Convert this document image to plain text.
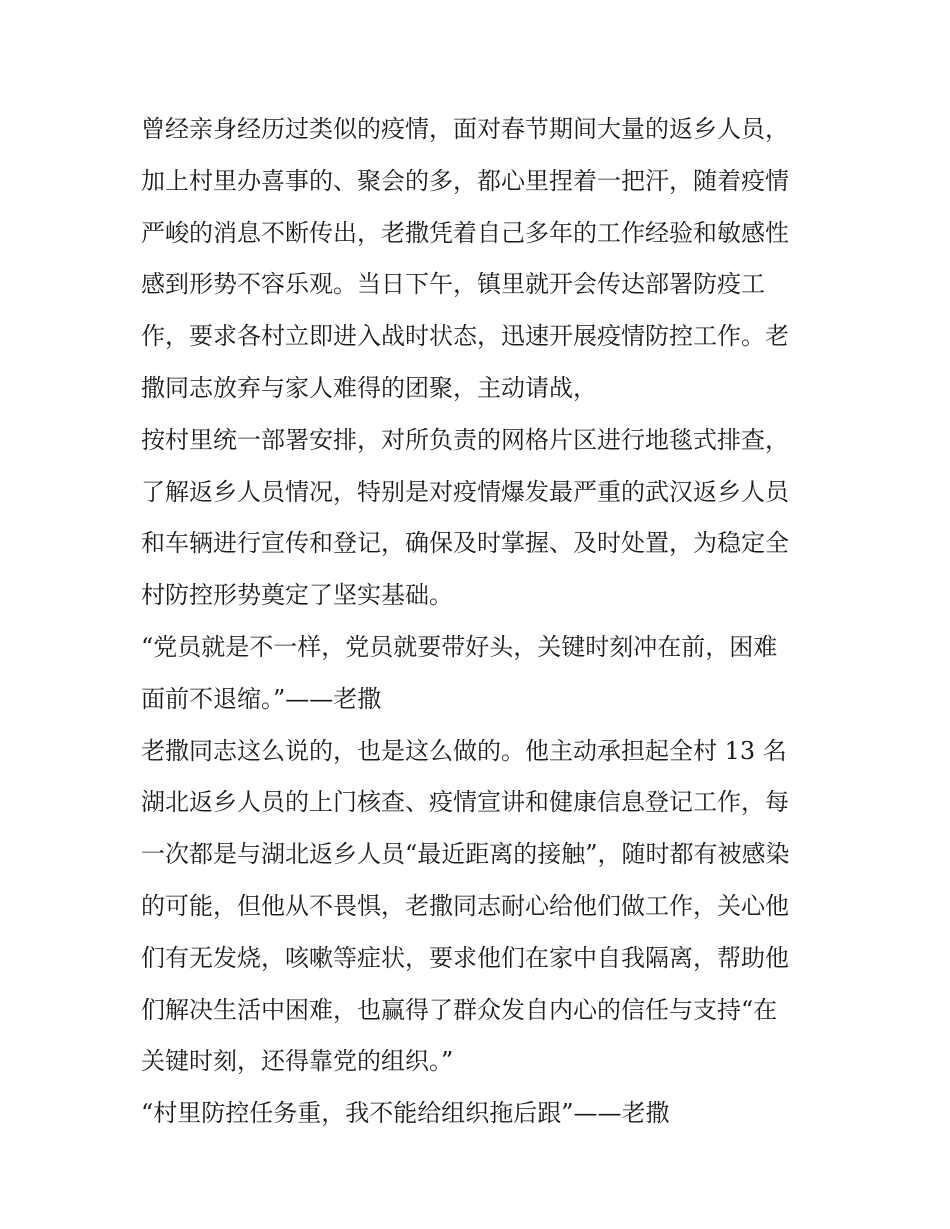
曾经亲身经历过类似的疫情，面对春节期间大量的返乡人员，

加上村里办喜事的、聚会的多，都心里捏着一把汗，随着疫情

严峻的消息不断传出，老撒凭着自己多年的工作经验和敏感性

感到形势不容乐观。当日下午，镇里就开会传达部署防疫工

作，要求各村立即进入战时状态，迅速开展疫情防控工作。老

撒同志放弃与家人难得的团聚，主动请战，

按村里统一部署安排，对所负责的网格片区进行地毯式排查，

了解返乡人员情况，特别是对疫情爆发最严重的武汉返乡人员

和车辆进行宣传和登记，确保及时掌握、及时处置，为稳定全

村防控形势奠定了坚实基础。

“党员就是不一样，党员就要带好头，关键时刻冲在前，困难

面前不退缩。”——老撒

老撒同志这么说的，也是这么做的。他主动承担起全村 13 名

湖北返乡人员的上门核查、疫情宣讲和健康信息登记工作，每

一次都是与湖北返乡人员“最近距离的接触”，随时都有被感染

的可能，但他从不畏惧，老撒同志耐心给他们做工作，关心他

们有无发烧，咳嗽等症状，要求他们在家中自我隔离，帮助他

们解决生活中困难，也赢得了群众发自内心的信任与支持“在

关键时刻，还得靠党的组织。”

“村里防控任务重，我不能给组织拖后跟”——老撒
